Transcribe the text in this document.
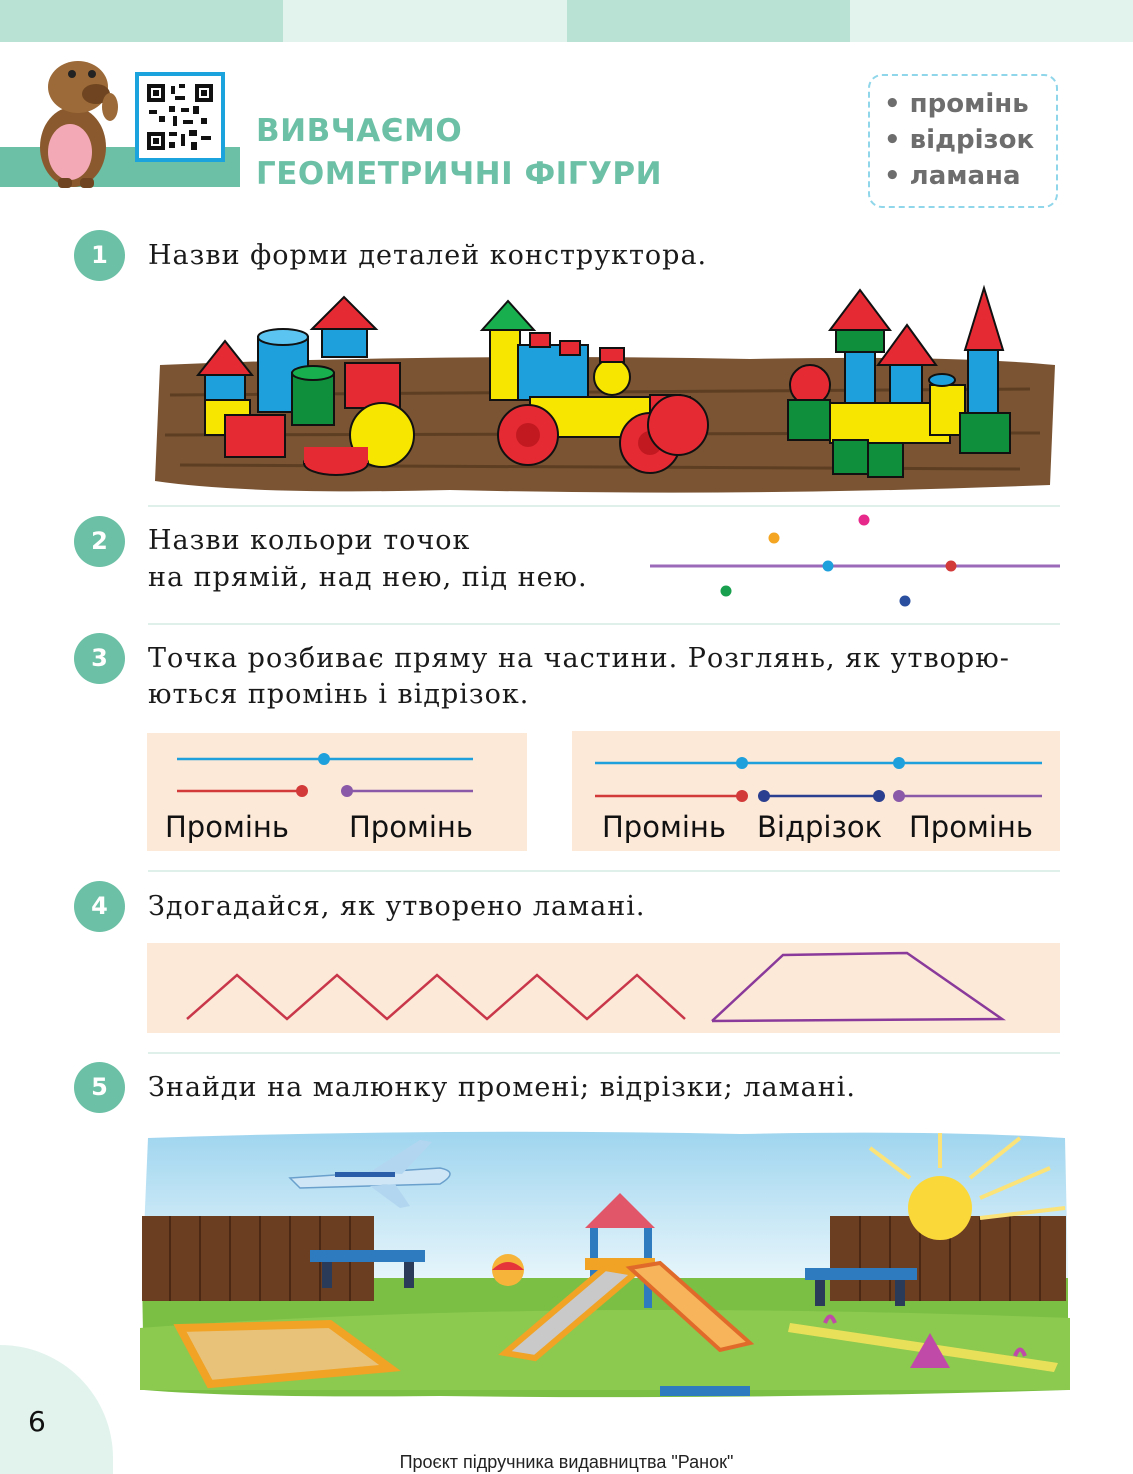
ВИВЧАЄМО
ГЕОМЕТРИЧНІ ФІГУРИ
• промінь
• відрізок
• ламана
1	Назви форми деталей конструктора.
2	Назви кольори точок
на прямій, над нею, під нею.
3	Точка розбиває пряму на частини. Розглянь, як утворю-
ються промінь і відрізок.
Промінь Промінь	Промінь Відрізок Промінь
4	Здогадайся, як утворено ламані.
5	Знайди на малюнку промені; відрізки; ламані.
6
Проєкт підручника видавництва "Ранок"
